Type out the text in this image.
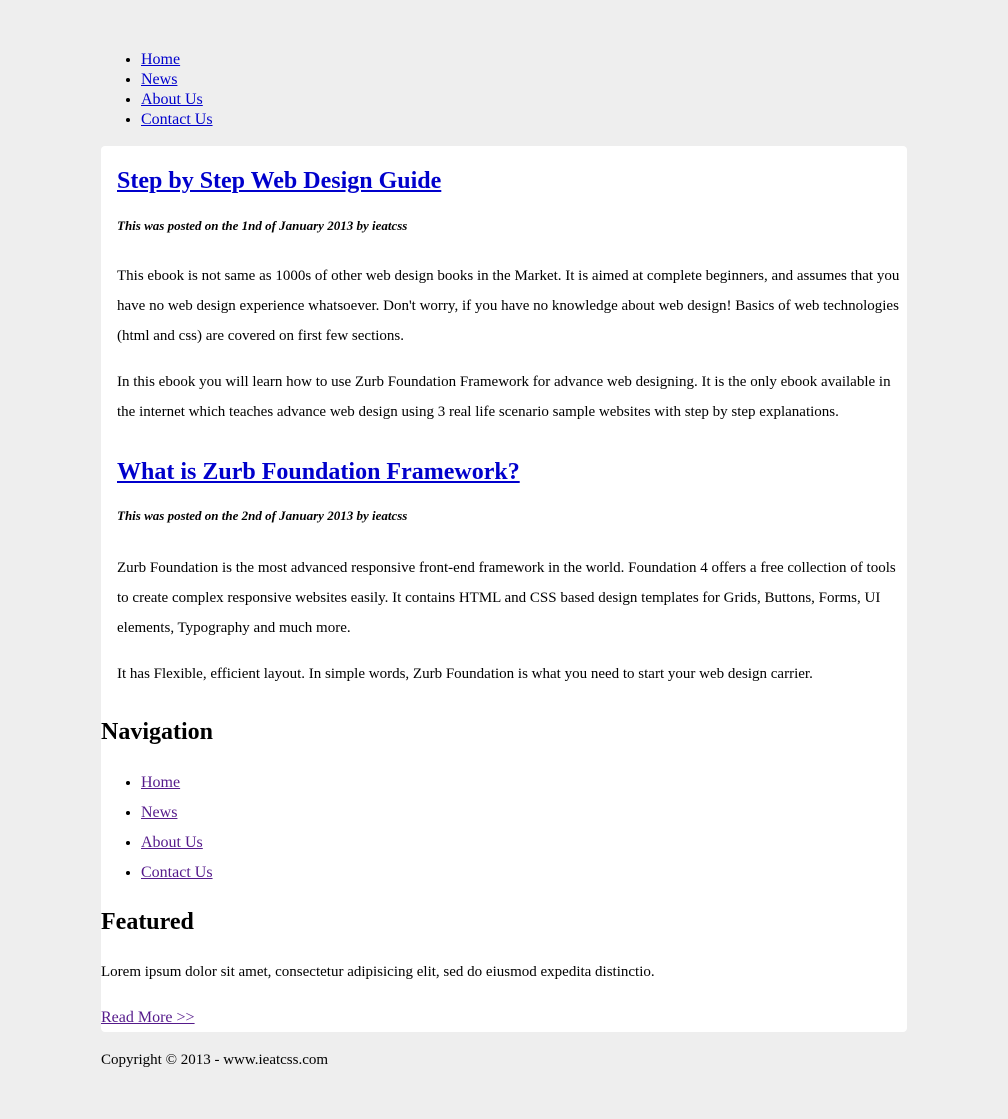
• Home
• News
• About Us
• Contact Us
Step by Step Web Design Guide

This was posted on the 1nd of January 2013 by ieatcss

This ebook is not same as 1000s of other web design books in the Market. It is aimed at complete beginners, and assumes that you have no web design experience whatsoever. Don't worry, if you have no knowledge about web design! Basics of web technologies (html and css) are covered on first few sections.

In this ebook you will learn how to use Zurb Foundation Framework for advance web designing. It is the only ebook available in the internet which teaches advance web design using 3 real life scenario sample websites with step by step explanations.

What is Zurb Foundation Framework?

This was posted on the 2nd of January 2013 by ieatcss

Zurb Foundation is the most advanced responsive front-end framework in the world. Foundation 4 offers a free collection of tools to create complex responsive websites easily. It contains HTML and CSS based design templates for Grids, Buttons, Forms, UI elements, Typography and much more.

It has Flexible, efficient layout. In simple words, Zurb Foundation is what you need to start your web design carrier.

Navigation
• Home
• News
• About Us
• Contact Us
Featured

Lorem ipsum dolor sit amet, consectetur adipisicing elit, sed do eiusmod expedita distinctio.

Read More >>

Copyright © 2013 - www.ieatcss.com
